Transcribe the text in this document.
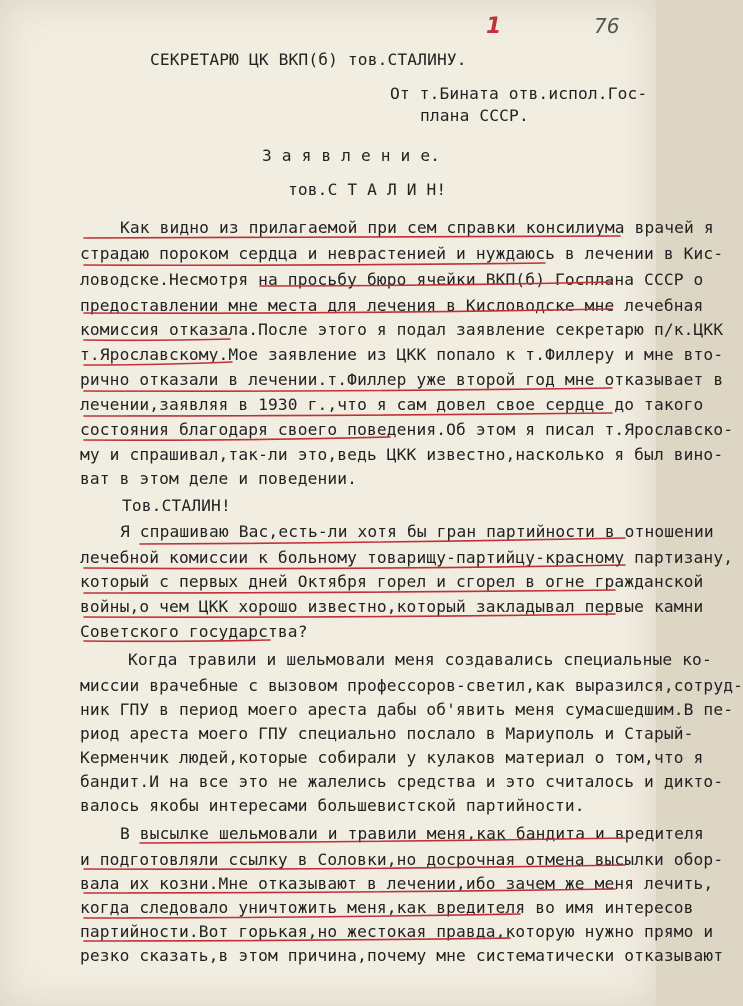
1	76
СЕКРЕТАРЮ ЦК ВКП(б) тов.СТАЛИНУ.
От т.Бината отв.испол.Гос-
плана СССР.
З а я в л е н и е.
тов.С Т А Л И Н!
Как видно из прилагаемой при сем справки консилиума врачей я
страдаю пороком сердца и неврастенией и нуждаюсь в лечении в Кис-
ловодске.Несмотря на просьбу бюро ячейки ВКП(б) Госплана СССР о
предоставлении мне места для лечения в Кисловодске мне лечебная
комиссия отказала.После этого я подал заявление секретарю п/к.ЦКК
т.Ярославскому.Мое заявление из ЦКК попало к т.Филлеру и мне вто-
рично отказали в лечении.т.Филлер уже второй год мне отказывает в
лечении,заявляя в 1930 г.,что я сам довел свое сердце до такого
состояния благодаря своего поведения.Об этом я писал т.Ярославско-
му и спрашивал,так-ли это,ведь ЦКК известно,насколько я был вино-
ват в этом деле и поведении.
Тов.СТАЛИН!
Я спрашиваю Вас,есть-ли хотя бы гран партийности в отношении
лечебной комиссии к больному товарищу-партийцу-красному партизану,
который с первых дней Октября горел и сгорел в огне гражданской
войны,о чем ЦКК хорошо известно,который закладывал первые камни
Советского государства?
Когда травили и шельмовали меня создавались специальные ко-
миссии врачебные с вызовом профессоров-светил,как выразился,сотруд-
ник ГПУ в период моего ареста дабы об'явить меня сумасшедшим.В пе-
риод ареста моего ГПУ специально послало в Мариуполь и Старый-
Керменчик людей,которые собирали у кулаков материал о том,что я
бандит.И на все это не жалелись средства и это считалось и дикто-
валось якобы интересами большевистской партийности.
В высылке шельмовали и травили меня,как бандита и вредителя
и подготовляли ссылку в Соловки,но досрочная отмена высылки обор-
вала их козни.Мне отказывают в лечении,ибо зачем же меня лечить,
когда следовало уничтожить меня,как вредителя во имя интересов
партийности.Вот горькая,но жестокая правда,которую нужно прямо и
резко сказать,в этом причина,почему мне систематически отказывают
